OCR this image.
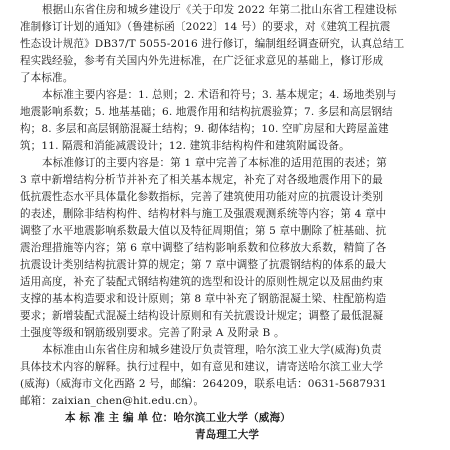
根据山东省住房和城乡建设厅《关于印发 2022 年第二批山东省工程建设标
准制修订计划的通知》（鲁建标函〔2022〕14 号）的要求，对《建筑工程抗震
性态设计规范》DB37/T 5055-2016 进行修订，编制组经调查研究，认真总结工
程实践经验，参考有关国内外先进标准，在广泛征求意见的基础上，修订形成
了本标准。
本标准主要内容是：1. 总则；2. 术语和符号；3. 基本规定；4. 场地类别与
地震影响系数；5. 地基基础；6. 地震作用和结构抗震验算；7. 多层和高层钢结
构；8. 多层和高层钢筋混凝土结构；9. 砌体结构；10. 空旷房屋和大跨屋盖建
筑；11. 隔震和消能减震设计；12. 建筑非结构构件和建筑附属设备。
本标准修订的主要内容是：第 1 章中完善了本标准的适用范围的表述；第
3 章中新增结构分析节并补充了相关基本规定，补充了对各级地震作用下的最
低抗震性态水平具体量化参数指标，完善了建筑使用功能对应的抗震设计类别
的表述，删除非结构构件、结构材料与施工及强震观测系统等内容；第 4 章中
调整了水平地震影响系数最大值以及特征周期值；第 5 章中删除了桩基础、抗
震治理措施等内容；第 6 章中调整了结构影响系数和位移放大系数，精简了各
抗震设计类别结构抗震计算的规定；第 7 章中调整了抗震钢结构的体系的最大
适用高度，补充了装配式钢结构建筑的选型和设计的原则性规定以及屈曲约束
支撑的基本构造要求和设计原则；第 8 章中补充了钢筋混凝土梁、柱配筋构造
要求；新增装配式混凝土结构设计原则和有关抗震设计规定；调整了最低混凝
土强度等级和钢筋级别要求。完善了附录 A 及附录 B 。
本标准由山东省住房和城乡建设厅负责管理，哈尔滨工业大学(威海)负责
具体技术内容的解释。执行过程中，如有意见和建议，请寄送哈尔滨工业大学
(威海)（威海市文化西路 2 号，邮编：264209，联系电话：0631-5687931
邮箱：zaixian_chen@hit.edu.cn）。
本 标 准 主 编 单 位：哈尔滨工业大学（威海）
青岛理工大学
